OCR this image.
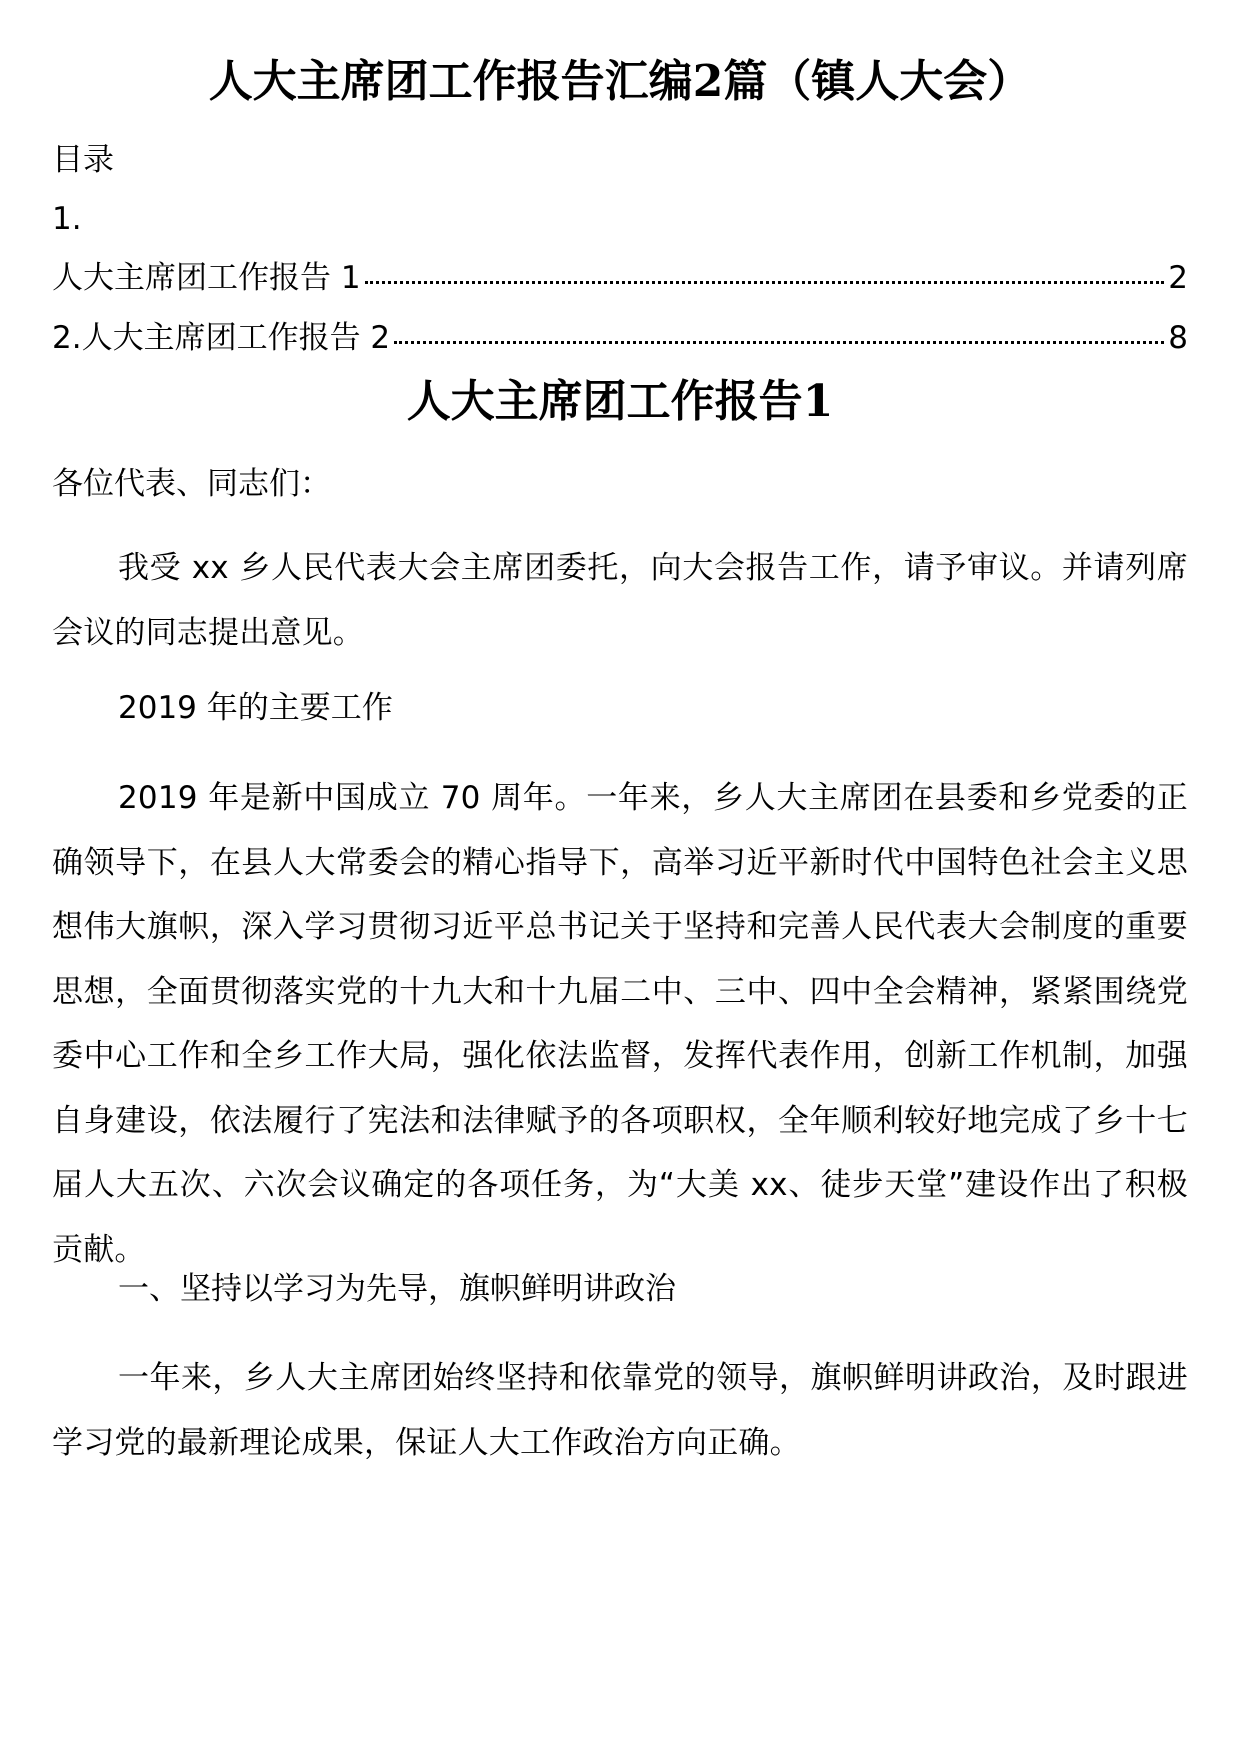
人大主席团工作报告汇编2篇（镇人大会）
目录
1.
人大主席团工作报告 1	2
2.人大主席团工作报告 2	8
人大主席团工作报告1
各位代表、同志们：
我受 xx 乡人民代表大会主席团委托，向大会报告工作，请予审议。并请列席会议的同志提出意见。
2019 年的主要工作
2019 年是新中国成立 70 周年。一年来，乡人大主席团在县委和乡党委的正确领导下，在县人大常委会的精心指导下，高举习近平新时代中国特色社会主义思想伟大旗帜，深入学习贯彻习近平总书记关于坚持和完善人民代表大会制度的重要思想，全面贯彻落实党的十九大和十九届二中、三中、四中全会精神，紧紧围绕党委中心工作和全乡工作大局，强化依法监督，发挥代表作用，创新工作机制，加强自身建设，依法履行了宪法和法律赋予的各项职权，全年顺利较好地完成了乡十七届人大五次、六次会议确定的各项任务，为“大美 xx、徒步天堂”建设作出了积极贡献。
一、坚持以学习为先导，旗帜鲜明讲政治
一年来，乡人大主席团始终坚持和依靠党的领导，旗帜鲜明讲政治，及时跟进学习党的最新理论成果，保证人大工作政治方向正确。
